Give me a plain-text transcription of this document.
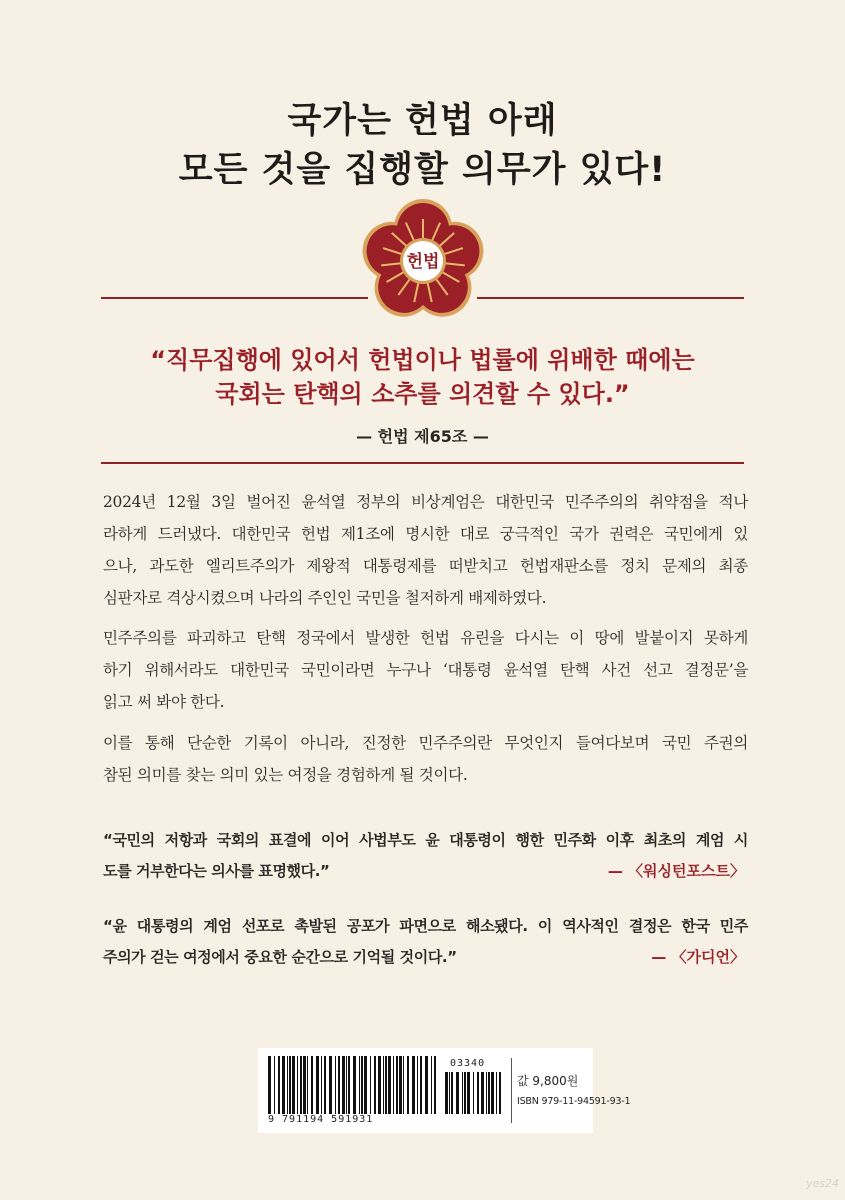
국가는 헌법 아래
모든 것을 집행할 의무가 있다!
헌법
“직무집행에 있어서 헌법이나 법률에 위배한 때에는
국회는 탄핵의 소추를 의견할 수 있다.”
— 헌법 제65조 —
2024년 12월 3일 벌어진 윤석열 정부의 비상계엄은 대한민국 민주주의의 취약점을 적나
라하게 드러냈다. 대한민국 헌법 제1조에 명시한 대로 궁극적인 국가 권력은 국민에게 있
으나, 과도한 엘리트주의가 제왕적 대통령제를 떠받치고 헌법재판소를 정치 문제의 최종
심판자로 격상시켰으며 나라의 주인인 국민을 철저하게 배제하였다.
민주주의를 파괴하고 탄핵 정국에서 발생한 헌법 유린을 다시는 이 땅에 발붙이지 못하게
하기 위해서라도 대한민국 국민이라면 누구나 ‘대통령 윤석열 탄핵 사건 선고 결정문’을
읽고 써 봐야 한다.
이를 통해 단순한 기록이 아니라, 진정한 민주주의란 무엇인지 들여다보며 국민 주권의
참된 의미를 찾는 의미 있는 여정을 경험하게 될 것이다.
“국민의 저항과 국회의 표결에 이어 사법부도 윤 대통령이 행한 민주화 이후 최초의 계엄 시
도를 거부한다는 의사를 표명했다.”	— 〈워싱턴포스트〉
“윤 대통령의 계엄 선포로 촉발된 공포가 파면으로 해소됐다. 이 역사적인 결정은 한국 민주
주의가 걷는 여정에서 중요한 순간으로 기억될 것이다.”	— 〈가디언〉
9 791194 591931
03340
값 9,800원
ISBN 979-11-94591-93-1
yes24
